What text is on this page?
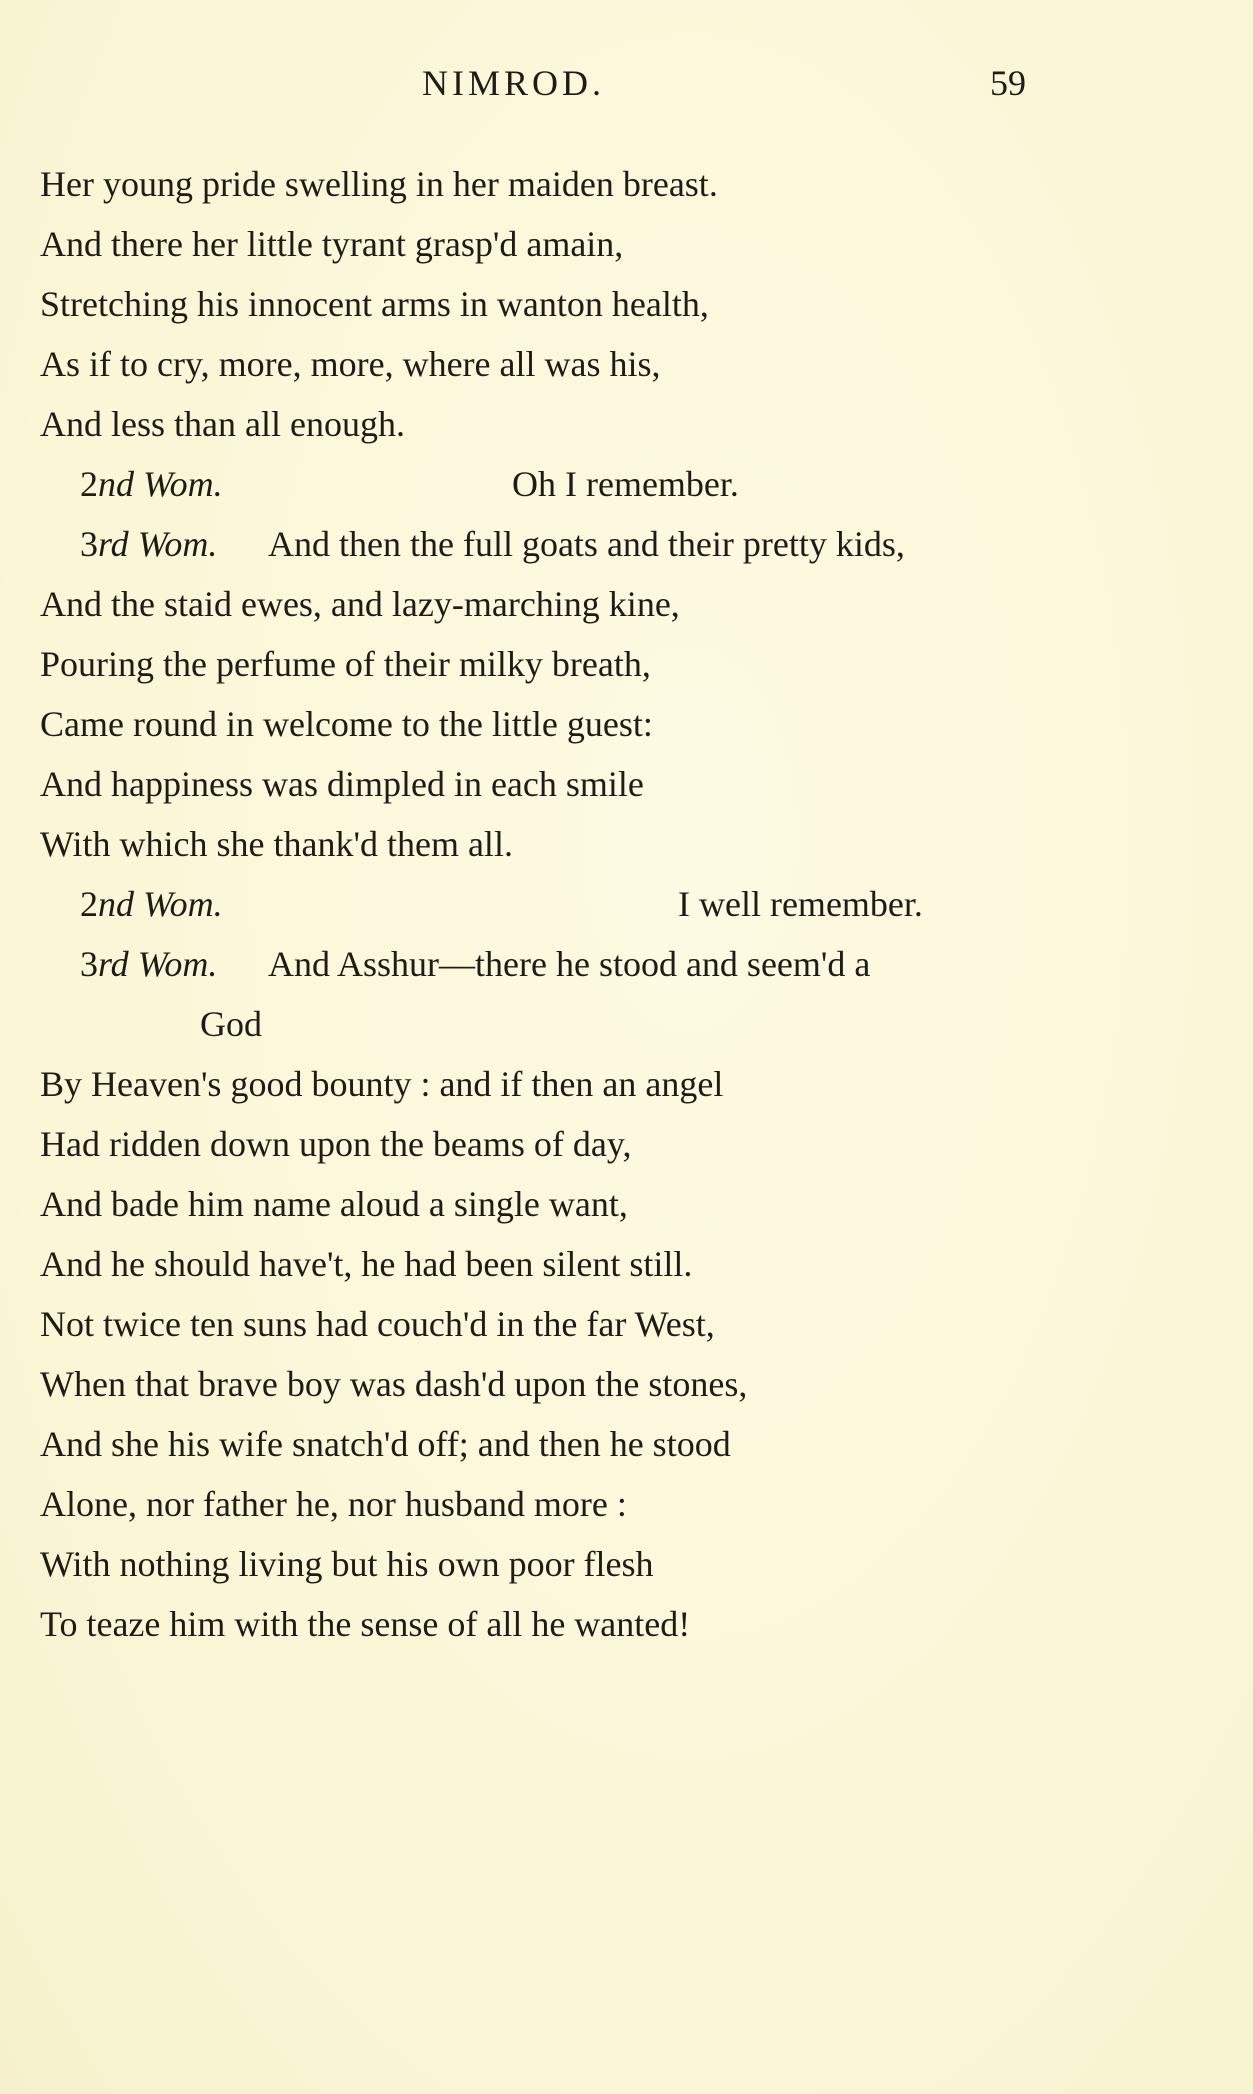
NIMROD.	59
Her young pride swelling in her maiden breast.
And there her little tyrant grasp'd amain,
Stretching his innocent arms in wanton health,
As if to cry, more, more, where all was his,
And less than all enough.
2nd Wom.	Oh I remember.
3rd Wom. And then the full goats and their pretty kids,
And the staid ewes, and lazy-marching kine,
Pouring the perfume of their milky breath,
Came round in welcome to the little guest:
And happiness was dimpled in each smile
With which she thank'd them all.
2nd Wom.	I well remember.
3rd Wom. And Asshur—there he stood and seem'd a
God
By Heaven's good bounty : and if then an angel
Had ridden down upon the beams of day,
And bade him name aloud a single want,
And he should have't, he had been silent still.
Not twice ten suns had couch'd in the far West,
When that brave boy was dash'd upon the stones,
And she his wife snatch'd off; and then he stood
Alone, nor father he, nor husband more :
With nothing living but his own poor flesh
To teaze him with the sense of all he wanted!
